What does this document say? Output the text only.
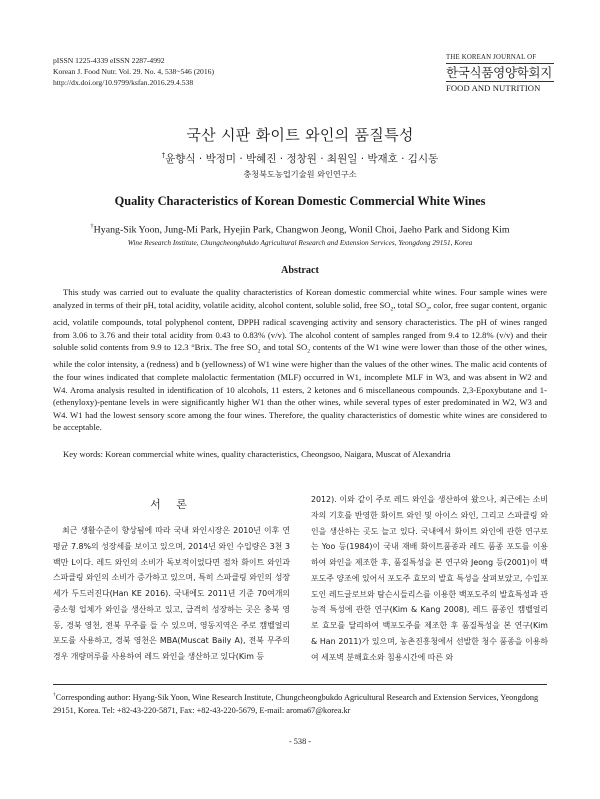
pISSN 1225-4339 eISSN 2287-4992
Korean J. Food Nutr. Vol. 29. No. 4, 538~546 (2016)
http://dx.doi.org/10.9799/ksfan.2016.29.4.538
THE KOREAN JOURNAL OF
한국식품영양학회지
FOOD AND NUTRITION
국산 시판 화이트 와인의 품질특성
†윤향식 · 박정미 · 박혜진 · 정창원 · 최원일 · 박재호 · 김시동
충청북도농업기술원 와인연구소
Quality Characteristics of Korean Domestic Commercial White Wines
†Hyang-Sik Yoon, Jung-Mi Park, Hyejin Park, Changwon Jeong, Wonil Choi, Jaeho Park and Sidong Kim
Wine Research Institute, Chungcheongbukdo Agricultural Research and Extension Services, Yeongdong 29151, Korea
Abstract

This study was carried out to evaluate the quality characteristics of Korean domestic commercial white wines. Four sample wines were analyzed in terms of their pH, total acidity, volatile acidity, alcohol content, soluble solid, free $SO_2$, total $SO_2$, color, free sugar content, organic acid, volatile compounds, total polyphenol content, DPPH radical scavenging activity and sensory characteristics. The pH of wines ranged from 3.06 to 3.76 and their total acidity from 0.43 to 0.83% (v/v). The alcohol content of samples ranged from 9.4 to 12.8% (v/v) and their soluble solid contents from 9.9 to 12.3 °Brix. The free $SO_2$ and total $SO_2$ contents of the W1 wine were lower than those of the other wines, while the color intensity, a (redness) and b (yellowness) of W1 wine were higher than the values of the other wines. The malic acid contents of the four wines indicated that complete malolactic fermentation (MLF) occurred in W1, incomplete MLF in W3, and was absent in W2 and W4. Aroma analysis resulted in identification of 10 alcohols, 11 esters, 2 ketones and 6 miscellaneous compounds. 2,3-Epoxybutane and 1-(ethenyloxy)-pentane levels in were significantly higher W1 than the other wines, while several types of ester predominated in W2, W3 and W4. W1 had the lowest sensory score among the four wines. Therefore, the quality characteristics of domestic white wines are considered to be acceptable.

Key words: Korean commercial white wines, quality characteristics, Cheongsoo, Naigara, Muscat of Alexandria
서 론

최근 생활수준이 향상됨에 따라 국내 와인시장은 2010년 이후 연평균 7.8%의 성장세를 보이고 있으며, 2014년 와인 수입량은 3천 3백만 L이다. 레드 와인의 소비가 독보적이었다면 점차 화이트 와인과 스파클링 와인의 소비가 증가하고 있으며, 특히 스파클링 와인의 성장세가 두드러진다(Han KE 2016). 국내에도 2011년 기준 70여개의 중소형 업체가 와인을 생산하고 있고, 급격히 성장하는 곳은 충북 영동, 경북 영천, 전북 무주를 들 수 있으며, 영동지역은 주로 캠벨얼리 포도를 사용하고, 경북 영천은 MBA(Muscat Baily A), 전북 무주의 경우 개량머루를 사용하여 레드 와인을 생산하고 있다(Kim 등

2012). 이와 같이 주로 레드 와인을 생산하여 왔으나, 최근에는 소비자의 기호를 반영한 화이트 와인 및 아이스 와인, 그리고 스파클링 와인을 생산하는 곳도 늘고 있다. 국내에서 화이트 와인에 관한 연구로는 Yoo 등(1984)이 국내 재배 화이트품종과 레드 품종 포도를 이용하여 와인을 제조한 후, 품질특성을 본 연구와 Jeong 등(2001)이 백포도주 양조에 있어서 포도주 효모의 발효 특성을 살펴보았고, 수입포도인 레드글로브와 탐슨시들리스를 이용한 백포도주의 발효특성과 관능적 특성에 관한 연구(Kim & Kang 2008), 레드 품종인 캠벨얼리로 효모를 달리하여 백포도주를 제조한 후 품질특성을 본 연구(Kim & Han 2011)가 있으며, 농촌진흥청에서 선발한 청수 품종을 이용하여 세포벽 분해효소와 침용시간에 따른 와

†Corresponding author: Hyang-Sik Yoon, Wine Research Institute, Chungcheongbukdo Agricultural Research and Extension Services, Yeongdong 29151, Korea. Tel: +82-43-220-5871, Fax: +82-43-220-5679, E-mail: aroma67@korea.kr
- 538 -
